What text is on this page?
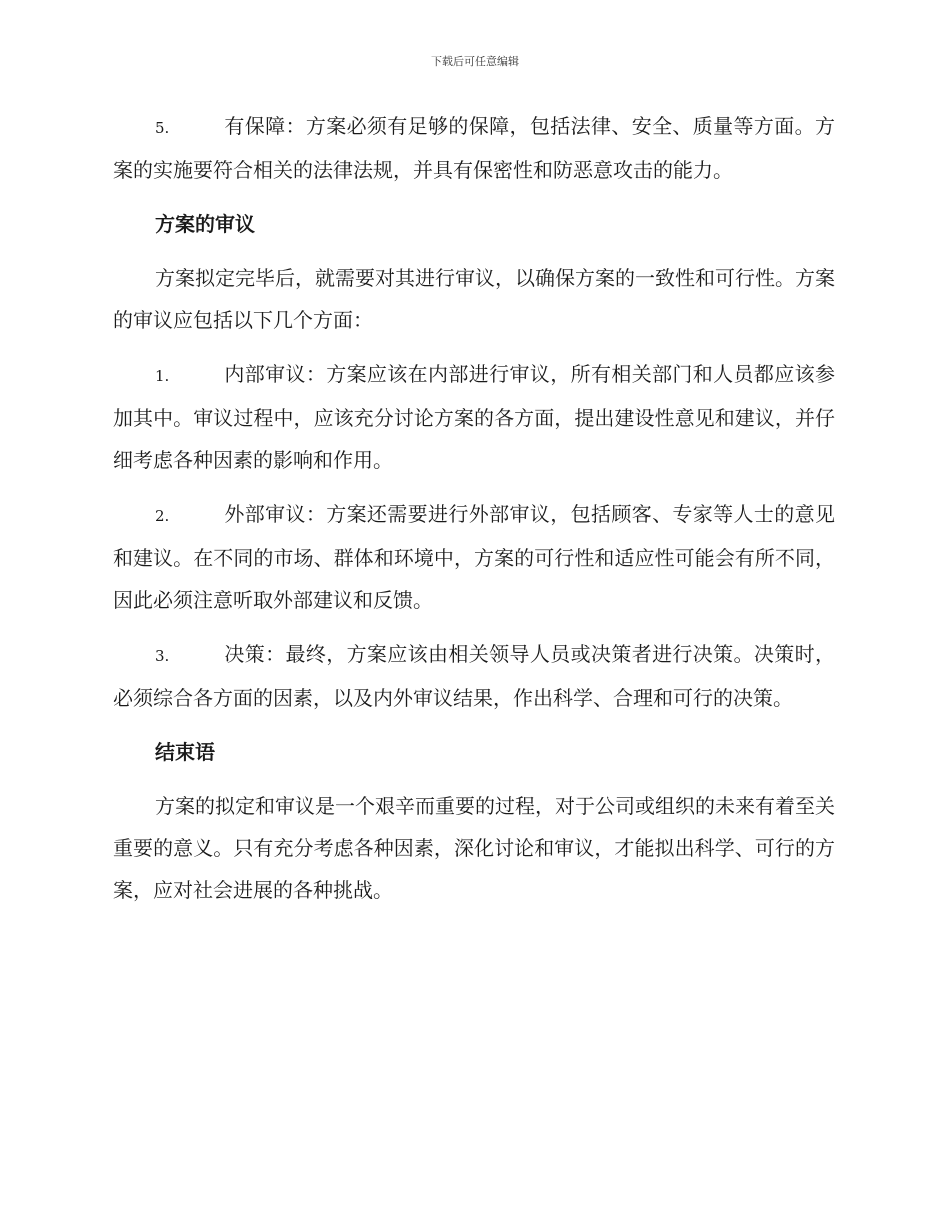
下载后可任意编辑

5.	有保障：方案必须有足够的保障，包括法律、安全、质量等方面。方案的实施要符合相关的法律法规，并具有保密性和防恶意攻击的能力。

方案的审议

方案拟定完毕后，就需要对其进行审议，以确保方案的一致性和可行性。方案的审议应包括以下几个方面：

1.	内部审议：方案应该在内部进行审议，所有相关部门和人员都应该参加其中。审议过程中，应该充分讨论方案的各方面，提出建设性意见和建议，并仔细考虑各种因素的影响和作用。

2.	外部审议：方案还需要进行外部审议，包括顾客、专家等人士的意见和建议。在不同的市场、群体和环境中，方案的可行性和适应性可能会有所不同，因此必须注意听取外部建议和反馈。

3.	决策：最终，方案应该由相关领导人员或决策者进行决策。决策时，必须综合各方面的因素，以及内外审议结果，作出科学、合理和可行的决策。

结束语

方案的拟定和审议是一个艰辛而重要的过程，对于公司或组织的未来有着至关重要的意义。只有充分考虑各种因素，深化讨论和审议，才能拟出科学、可行的方案，应对社会进展的各种挑战。
